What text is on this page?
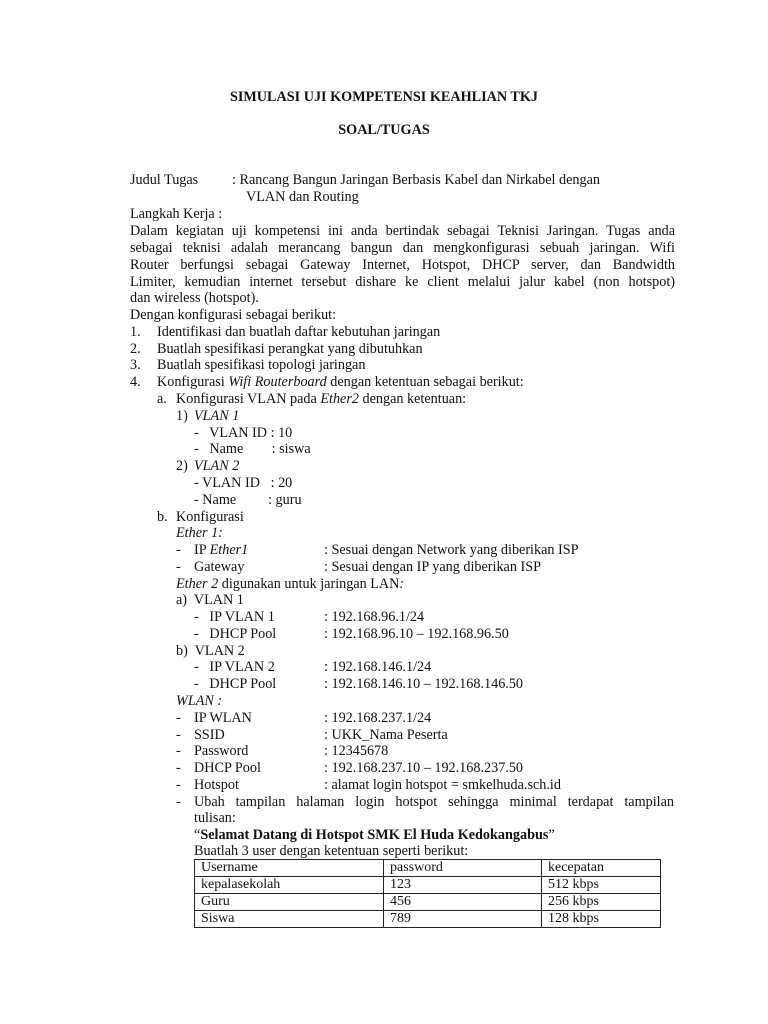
SIMULASI UJI KOMPETENSI KEAHLIAN TKJ
SOAL/TUGAS
Judul Tugas : Rancang Bangun Jaringan Berbasis Kabel dan Nirkabel dengan
VLAN dan Routing
Langkah Kerja :
Dalam kegiatan uji kompetensi ini anda bertindak sebagai Teknisi Jaringan. Tugas anda
sebagai teknisi adalah merancang bangun dan mengkonfigurasi sebuah jaringan. Wifi
Router berfungsi sebagai Gateway Internet, Hotspot, DHCP server, dan Bandwidth
Limiter, kemudian internet tersebut dishare ke client melalui jalur kabel (non hotspot)
dan wireless (hotspot).
Dengan konfigurasi sebagai berikut:
1. Identifikasi dan buatlah daftar kebutuhan jaringan
2. Buatlah spesifikasi perangkat yang dibutuhkan
3. Buatlah spesifikasi topologi jaringan
4. Konfigurasi Wifi Routerboard dengan ketentuan sebagai berikut:
a. Konfigurasi VLAN pada Ether2 dengan ketentuan:
1) VLAN 1
-   VLAN ID : 10
-   Name        : siswa
2) VLAN 2
- VLAN ID   : 20
- Name         : guru
b. Konfigurasi
Ether 1:
- IP Ether1	: Sesuai dengan Network yang diberikan ISP
- Gateway	: Sesuai dengan IP yang diberikan ISP
Ether 2 digunakan untuk jaringan LAN:
a)  VLAN 1
-   IP VLAN 1	: 192.168.96.1/24
-   DHCP Pool	: 192.168.96.10 – 192.168.96.50
b)  VLAN 2
-   IP VLAN 2	: 192.168.146.1/24
-   DHCP Pool	: 192.168.146.10 – 192.168.146.50
WLAN :
- IP WLAN	: 192.168.237.1/24
- SSID	: UKK_Nama Peserta
- Password	: 12345678
- DHCP Pool	: 192.168.237.10 – 192.168.237.50
- Hotspot	: alamat login hotspot = smkelhuda.sch.id
- Ubah tampilan halaman login hotspot sehingga minimal terdapat tampilan
tulisan:
“Selamat Datang di Hotspot SMK El Huda Kedokangabus”
Buatlah 3 user dengan ketentuan seperti berikut:
Username	password	kecepatan
kepalasekolah	123	512 kbps
Guru	456	256 kbps
Siswa	789	128 kbps
